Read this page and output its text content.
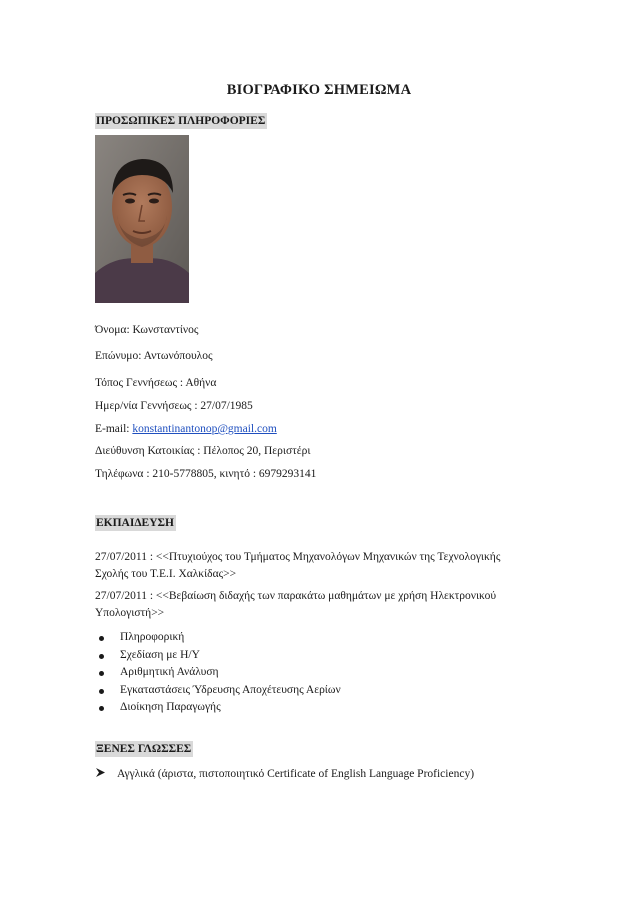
ΒΙΟΓΡΑΦΙΚΟ ΣΗΜΕΙΩΜΑ
ΠΡΟΣΩΠΙΚΕΣ ΠΛΗΡΟΦΟΡΙΕΣ
Όνομα: Κωνσταντίνος
Επώνυμο: Αντωνόπουλος
Τόπος Γεννήσεως : Αθήνα
Ημερ/νία Γεννήσεως : 27/07/1985
E-mail: konstantinantonop@gmail.com
Διεύθυνση Κατοικίας : Πέλοπος 20, Περιστέρι
Τηλέφωνα : 210-5778805, κινητό : 6979293141
ΕΚΠΑΙΔΕΥΣΗ
27/07/2011 : <<Πτυχιούχος του Τμήματος Μηχανολόγων Μηχανικών της Τεχνολογικής
Σχολής του Τ.Ε.Ι. Χαλκίδας>>
27/07/2011 : <<Βεβαίωση διδαχής των παρακάτω μαθημάτων με χρήση Ηλεκτρονικού
Υπολογιστή>>
Πληροφορική
Σχεδίαση με Η/Υ
Αριθμητική Ανάλυση
Εγκαταστάσεις Ύδρευσης Αποχέτευσης Αερίων
Διοίκηση Παραγωγής
ΞΕΝΕΣ ΓΛΩΣΣΕΣ
Αγγλικά (άριστα, πιστοποιητικό Certificate of English Language Proficiency)
